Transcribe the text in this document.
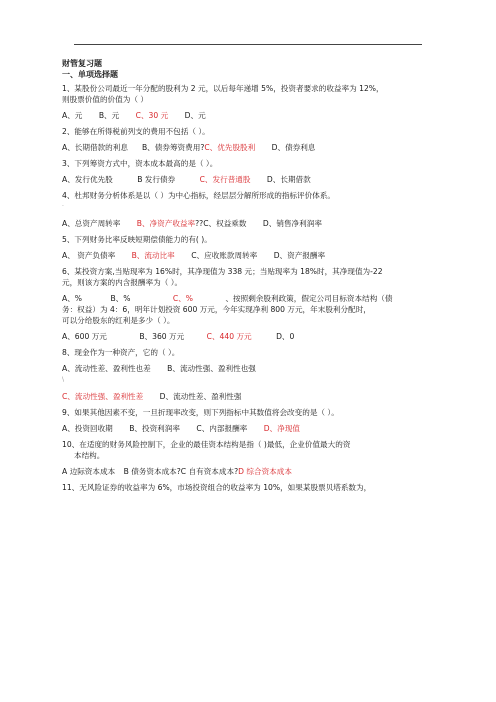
财管复习题
一、单项选择题
1、某股份公司最近一年分配的股利为 2 元，以后每年递增 5%，投资者要求的收益率为 12%，
则股票价值的价值为（ ）
A、元 B、元 C、30 元 D、元
2、能够在所得税前列支的费用不包括（ ）。
A、长期借款的利息 B、债券筹资费用?C、优先股股利 D、债券利息
3、下列筹资方式中，资本成本最高的是（ ）。
A、发行优先股	B 发行债券	C、发行普通股 D、长期借款
4、杜邦财务分析体系是以（ ）为中心指标，经层层分解所形成的指标评价体系。
·
A、总资产周转率 B、净资产收益率??C、权益乘数 D、销售净利润率
5、下列财务比率反映短期偿债能力的有( )。
A、 资产负债率 B、流动比率 C、应收账款周转率 D、资产报酬率
6、某投资方案,当贴现率为 16%时，其净现值为 338 元；当贴现率为 18%时，其净现值为-22
元，则该方案的内含报酬率为（ ）。
A、%	B、%	C、%	、按照剩余股利政策，假定公司目标资本结构（债
务：权益）为 4：6，明年计划投资 600 万元，今年实现净利 800 万元，年末股利分配时，
可以分给股东的红利是多少（ ）。
A、600 万元	B、360 万元	C、440 万元	D、0
8、现金作为一种资产，它的（ ）。
A、流动性差、盈利性也差 B、流动性强、盈利性也强
\
C、流动性强、盈利性差 D、流动性差、盈利性强
9、如果其他因素不变，一旦折现率改变，则下列指标中其数值将会改变的是（ ）。
A、投资回收期 B、投资利润率 C、内部报酬率 D、净现值
10、在适度的财务风险控制下，企业的最佳资本结构是指（ )最低，企业价值最大的资
本结构。
A 边际资本成本 B 债务资本成本?C 自有资本成本?D 综合资本成本
11、无风险证券的收益率为 6%，市场投资组合的收益率为 10%，如果某股票贝塔系数为，
